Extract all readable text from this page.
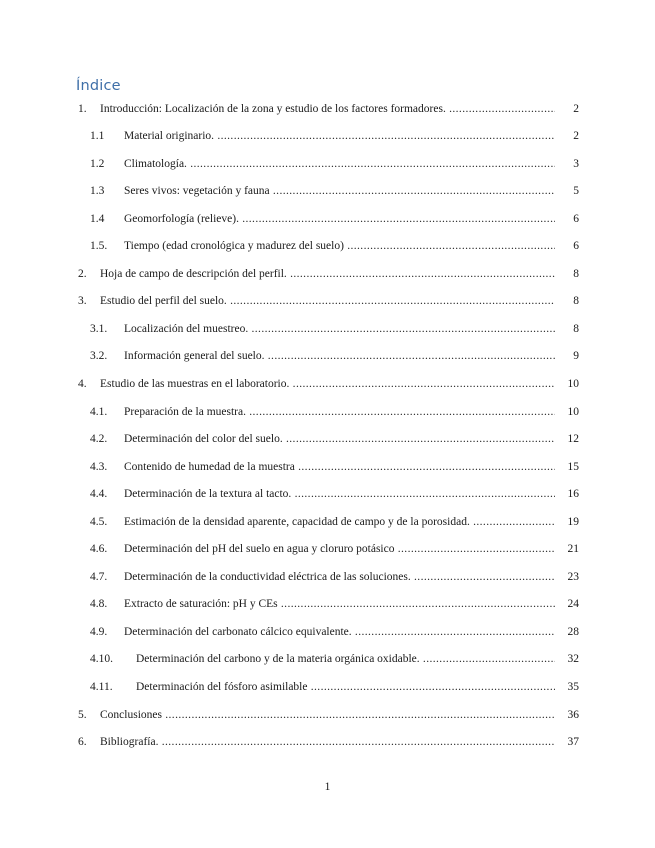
Índice
1. Introducción: Localización de la zona y estudio de los factores formadores. .....	2
1.1 Material originario. .....	2
1.2 Climatología. .....	3
1.3 Seres vivos: vegetación y fauna .....	5
1.4 Geomorfología (relieve). .....	6
1.5. Tiempo (edad cronológica y madurez del suelo) .....	6
2. Hoja de campo de descripción del perfil. .....	8
3. Estudio del perfil del suelo. .....	8
3.1. Localización del muestreo. .....	8
3.2. Información general del suelo. .....	9
4. Estudio de las muestras en el laboratorio. .....	10
4.1. Preparación de la muestra. .....	10
4.2. Determinación del color del suelo. .....	12
4.3. Contenido de humedad de la muestra .....	15
4.4. Determinación de la textura al tacto. .....	16
4.5. Estimación de la densidad aparente, capacidad de campo y de la porosidad. .....	19
4.6. Determinación del pH del suelo en agua y cloruro potásico .....	21
4.7. Determinación de la conductividad eléctrica de las soluciones. .....	23
4.8. Extracto de saturación: pH y CEs .....	24
4.9. Determinación del carbonato cálcico equivalente. .....	28
4.10. Determinación del carbono y de la materia orgánica oxidable. .....	32
4.11. Determinación del fósforo asimilable .....	35
5. Conclusiones .....	36
6. Bibliografía. .....	37
1
